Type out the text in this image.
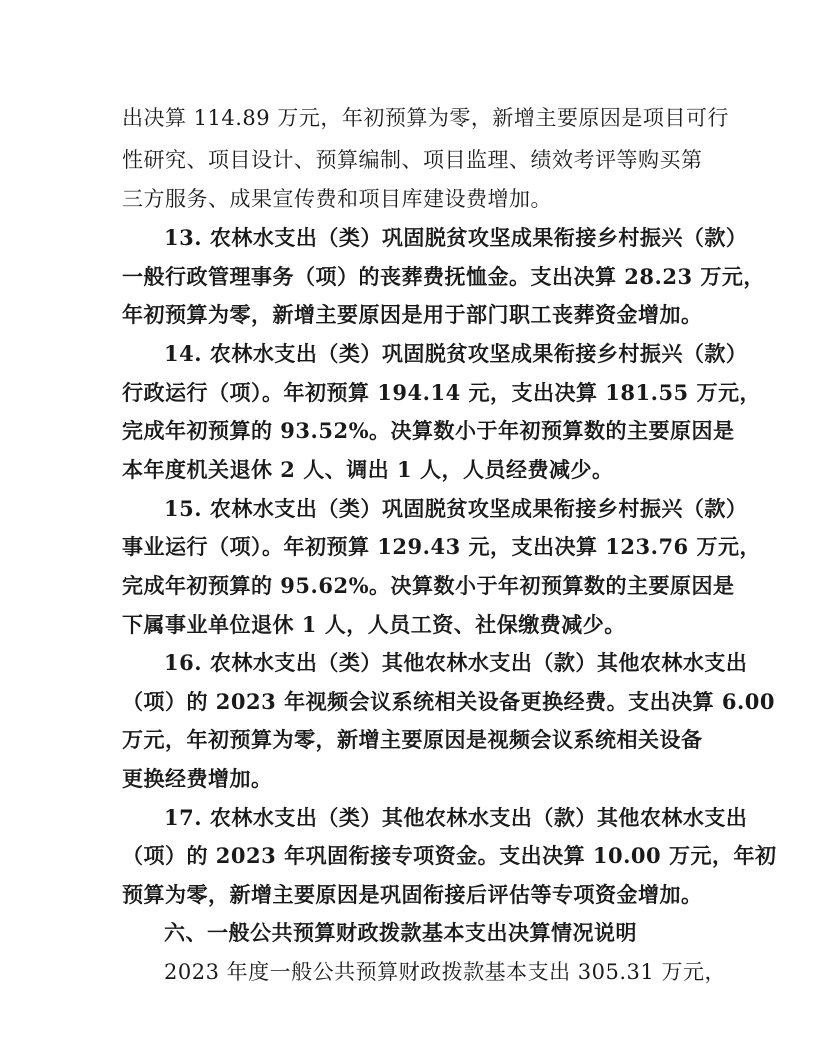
出决算 114.89 万元，年初预算为零，新增主要原因是项目可行
性研究、项目设计、预算编制、项目监理、绩效考评等购买第
三方服务、成果宣传费和项目库建设费增加。
13. 农林水支出（类）巩固脱贫攻坚成果衔接乡村振兴（款）
一般行政管理事务（项）的丧葬费抚恤金。支出决算 28.23 万元，
年初预算为零，新增主要原因是用于部门职工丧葬资金增加。
14. 农林水支出（类）巩固脱贫攻坚成果衔接乡村振兴（款）
行政运行（项）。年初预算 194.14 元，支出决算 181.55 万元，
完成年初预算的 93.52%。决算数小于年初预算数的主要原因是
本年度机关退休 2 人、调出 1 人，人员经费减少。
15. 农林水支出（类）巩固脱贫攻坚成果衔接乡村振兴（款）
事业运行（项）。年初预算 129.43 元，支出决算 123.76 万元，
完成年初预算的 95.62%。决算数小于年初预算数的主要原因是
下属事业单位退休 1 人，人员工资、社保缴费减少。
16. 农林水支出（类）其他农林水支出（款）其他农林水支出
（项）的 2023 年视频会议系统相关设备更换经费。支出决算 6.00
万元，年初预算为零，新增主要原因是视频会议系统相关设备
更换经费增加。
17. 农林水支出（类）其他农林水支出（款）其他农林水支出
（项）的 2023 年巩固衔接专项资金。支出决算 10.00 万元，年初
预算为零，新增主要原因是巩固衔接后评估等专项资金增加。
六、一般公共预算财政拨款基本支出决算情况说明
2023 年度一般公共预算财政拨款基本支出 305.31 万元，
